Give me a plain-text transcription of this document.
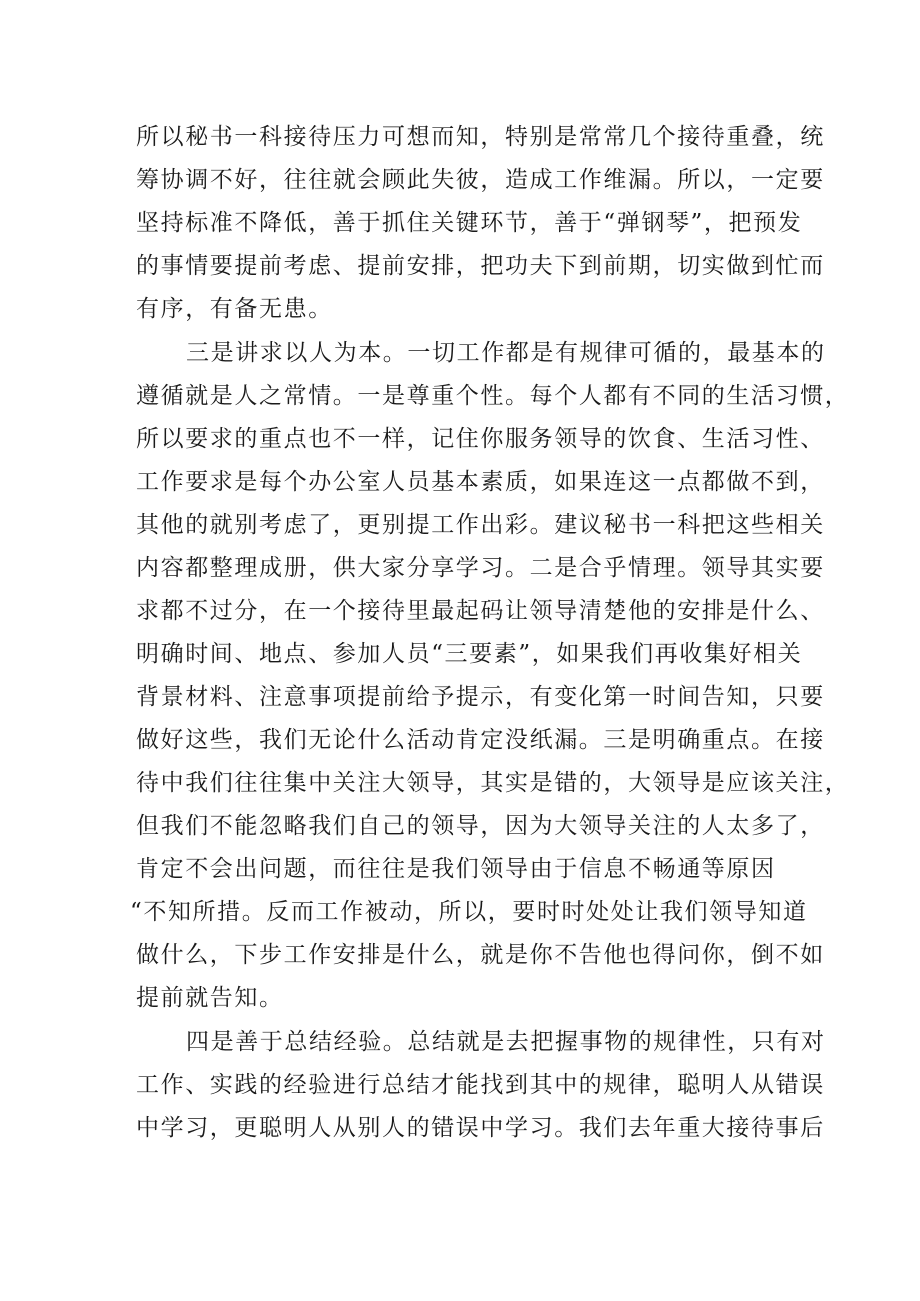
所以秘书一科接待压力可想而知，特别是常常几个接待重叠，统
筹协调不好，往往就会顾此失彼，造成工作维漏。所以，一定要
坚持标准不降低，善于抓住关键环节，善于“弹钢琴”，把预发
的事情要提前考虑、提前安排，把功夫下到前期，切实做到忙而
有序，有备无患。
三是讲求以人为本。一切工作都是有规律可循的，最基本的
遵循就是人之常情。一是尊重个性。每个人都有不同的生活习惯，
所以要求的重点也不一样，记住你服务领导的饮食、生活习性、
工作要求是每个办公室人员基本素质，如果连这一点都做不到，
其他的就别考虑了，更别提工作出彩。建议秘书一科把这些相关
内容都整理成册，供大家分享学习。二是合乎情理。领导其实要
求都不过分，在一个接待里最起码让领导清楚他的安排是什么、
明确时间、地点、参加人员“三要素”，如果我们再收集好相关
背景材料、注意事项提前给予提示，有变化第一时间告知，只要
做好这些，我们无论什么活动肯定没纸漏。三是明确重点。在接
待中我们往往集中关注大领导，其实是错的，大领导是应该关注，
但我们不能忽略我们自己的领导，因为大领导关注的人太多了，
肯定不会出问题，而往往是我们领导由于信息不畅通等原因
“不知所措。反而工作被动，所以，要时时处处让我们领导知道
做什么，下步工作安排是什么，就是你不告他也得问你，倒不如
提前就告知。
四是善于总结经验。总结就是去把握事物的规律性，只有对
工作、实践的经验进行总结才能找到其中的规律，聪明人从错误
中学习，更聪明人从别人的错误中学习。我们去年重大接待事后
